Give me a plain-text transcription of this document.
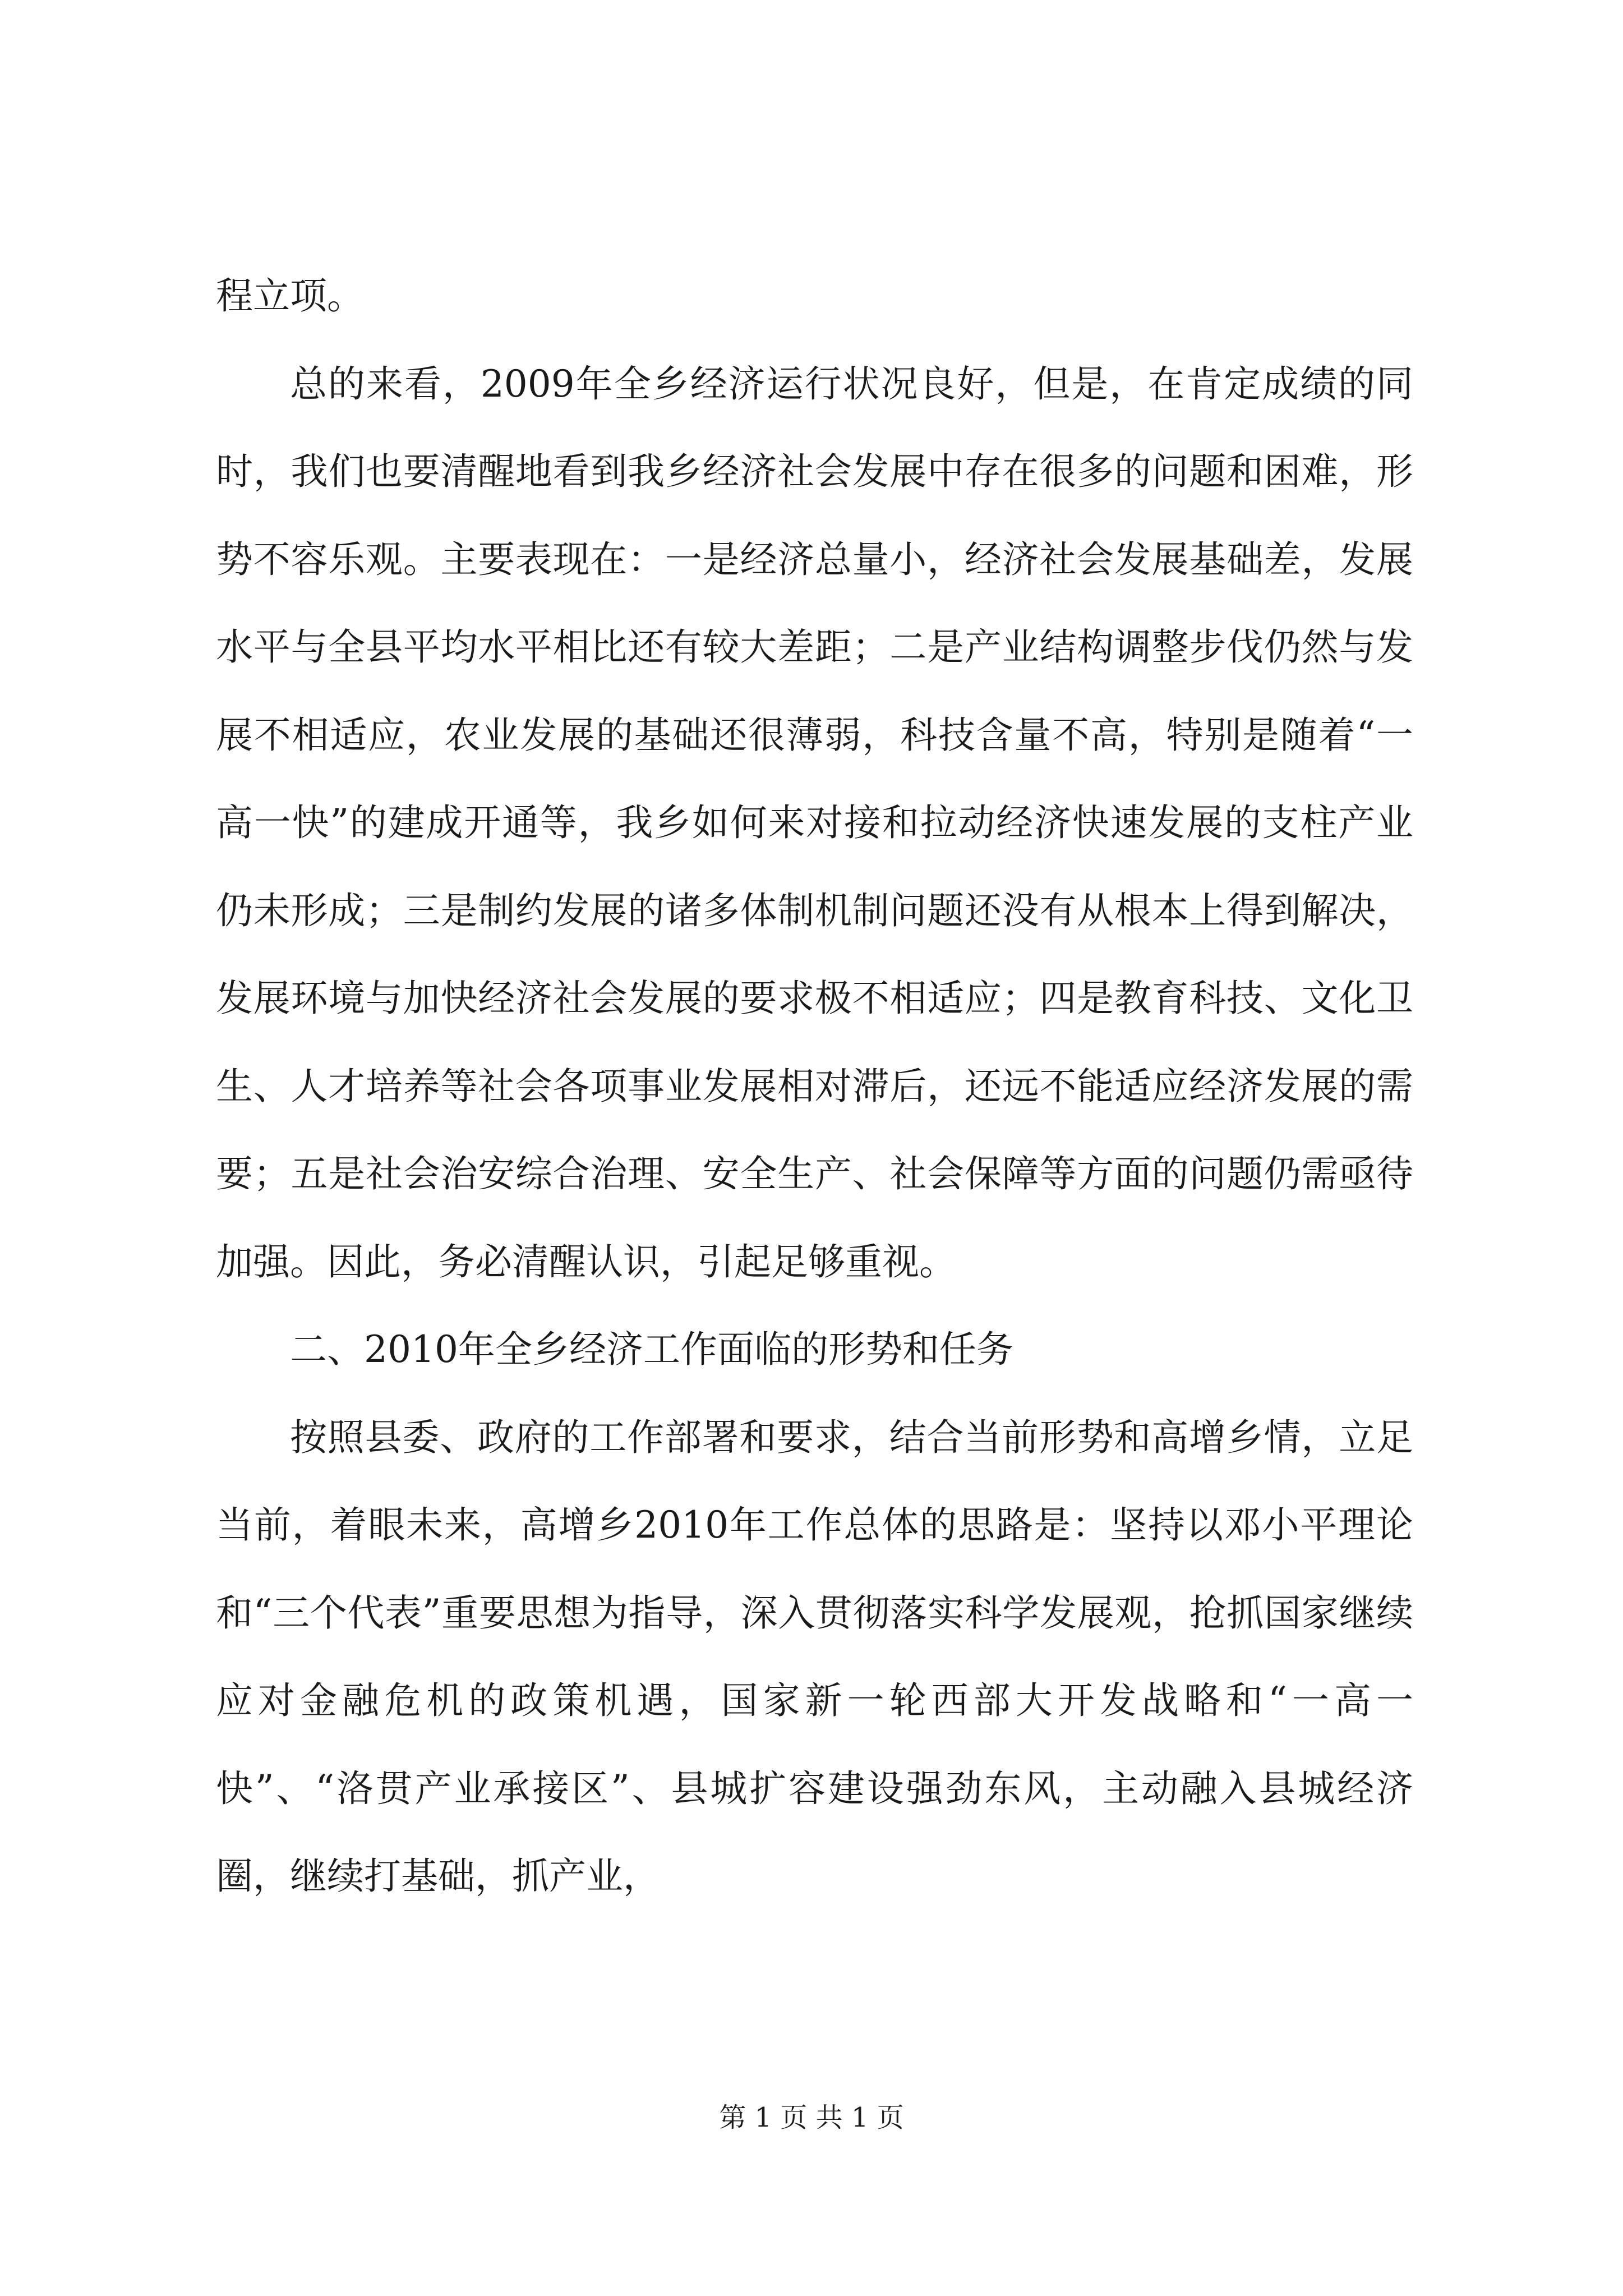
程立项。

总的来看，2009年全乡经济运行状况良好，但是，在肯定成绩的同时，我们也要清醒地看到我乡经济社会发展中存在很多的问题和困难，形势不容乐观。主要表现在：一是经济总量小，经济社会发展基础差，发展水平与全县平均水平相比还有较大差距；二是产业结构调整步伐仍然与发展不相适应，农业发展的基础还很薄弱，科技含量不高，特别是随着“一高一快”的建成开通等，我乡如何来对接和拉动经济快速发展的支柱产业仍未形成；三是制约发展的诸多体制机制问题还没有从根本上得到解决，发展环境与加快经济社会发展的要求极不相适应；四是教育科技、文化卫生、人才培养等社会各项事业发展相对滞后，还远不能适应经济发展的需要；五是社会治安综合治理、安全生产、社会保障等方面的问题仍需亟待加强。因此，务必清醒认识，引起足够重视。

二、2010年全乡经济工作面临的形势和任务

按照县委、政府的工作部署和要求，结合当前形势和高增乡情，立足当前，着眼未来，高增乡2010年工作总体的思路是：坚持以邓小平理论和“三个代表”重要思想为指导，深入贯彻落实科学发展观，抢抓国家继续应对金融危机的政策机遇，国家新一轮西部大开发战略和“一高一快”、“洛贯产业承接区”、县城扩容建设强劲东风，主动融入县城经济圈，继续打基础，抓产业，

第 1 页 共 1 页
